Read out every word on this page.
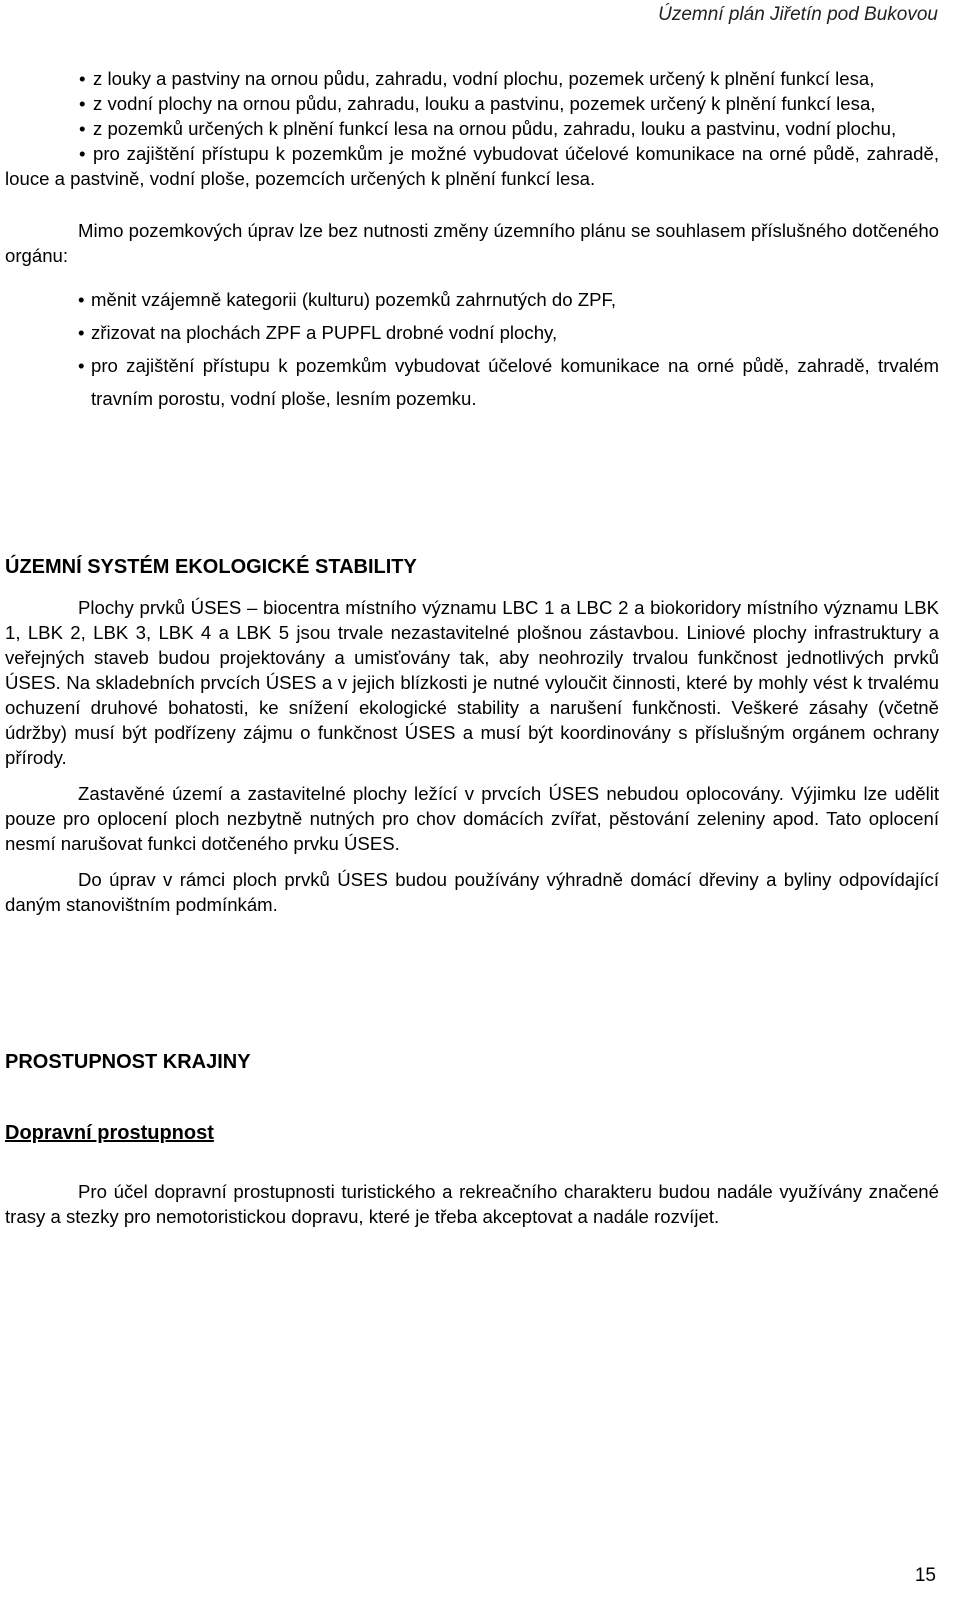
Územní plán Jiřetín pod Bukovou
• z louky a pastviny na ornou půdu, zahradu, vodní plochu, pozemek určený k plnění funkcí lesa,
• z vodní plochy na ornou půdu, zahradu, louku a pastvinu, pozemek určený k plnění funkcí lesa,
• z pozemků určených k plnění funkcí lesa na ornou půdu, zahradu, louku a pastvinu, vodní plochu,
• pro zajištění přístupu k pozemkům je možné vybudovat účelové komunikace na orné půdě, zahradě, louce a pastvině, vodní ploše, pozemcích určených k plnění funkcí lesa.

Mimo pozemkových úprav lze bez nutnosti změny územního plánu se souhlasem příslušného dotčeného orgánu:

• měnit vzájemně kategorii (kulturu) pozemků zahrnutých do ZPF,
• zřizovat na plochách ZPF a PUPFL drobné vodní plochy,
• pro zajištění přístupu k pozemkům vybudovat účelové komunikace na orné půdě, zahradě, trvalém travním porostu, vodní ploše, lesním pozemku.
ÚZEMNÍ SYSTÉM EKOLOGICKÉ STABILITY

Plochy prvků ÚSES – biocentra místního významu LBC 1 a LBC 2 a biokoridory místního významu LBK 1, LBK 2, LBK 3, LBK 4 a LBK 5 jsou trvale nezastavitelné plošnou zástavbou. Liniové plochy infrastruktury a veřejných staveb budou projektovány a umisťovány tak, aby neohrozily trvalou funkčnost jednotlivých prvků ÚSES. Na skladebních prvcích ÚSES a v jejich blízkosti je nutné vyloučit činnosti, které by mohly vést k trvalému ochuzení druhové bohatosti, ke snížení ekologické stability a narušení funkčnosti. Veškeré zásahy (včetně údržby) musí být podřízeny zájmu o funkčnost ÚSES a musí být koordinovány s příslušným orgánem ochrany přírody.

Zastavěné území a zastavitelné plochy ležící v prvcích ÚSES nebudou oplocovány. Výjimku lze udělit pouze pro oplocení ploch nezbytně nutných pro chov domácích zvířat, pěstování zeleniny apod. Tato oplocení nesmí narušovat funkci dotčeného prvku ÚSES.

Do úprav v rámci ploch prvků ÚSES budou používány výhradně domácí dřeviny a byliny odpovídající daným stanovištním podmínkám.

PROSTUPNOST KRAJINY
Dopravní prostupnost

Pro účel dopravní prostupnosti turistického a rekreačního charakteru budou nadále využívány značené trasy a stezky pro nemotoristickou dopravu, které je třeba akceptovat a nadále rozvíjet.

15
